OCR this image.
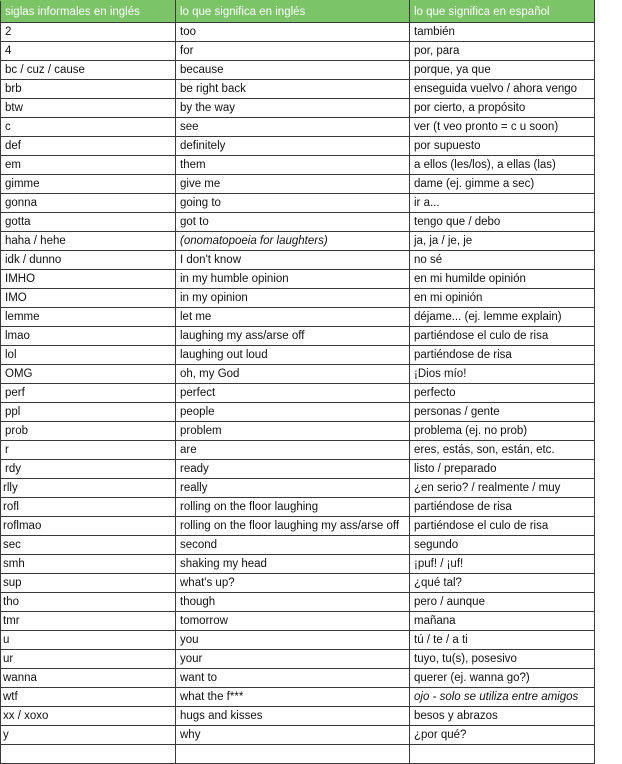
siglas informales en inglés	lo que significa en inglés	lo que significa en español
2	too	también
4	for	por, para
bc / cuz / cause	because	porque, ya que
brb	be right back	enseguida vuelvo / ahora vengo
btw	by the way	por cierto, a propósito
c	see	ver (t veo pronto = c u soon)
def	definitely	por supuesto
em	them	a ellos (les/los), a ellas (las)
gimme	give me	dame (ej. gimme a sec)
gonna	going to	ir a...
gotta	got to	tengo que / debo
haha / hehe	(onomatopoeia for laughters)	ja, ja / je, je
idk / dunno	I don't know	no sé
IMHO	in my humble opinion	en mi humilde opinión
IMO	in my opinion	en mi opinión
lemme	let me	déjame... (ej. lemme explain)
lmao	laughing my ass/arse off	partiéndose el culo de risa
lol	laughing out loud	partiéndose de risa
OMG	oh, my God	¡Dios mío!
perf	perfect	perfecto
ppl	people	personas / gente
prob	problem	problema (ej. no prob)
r	are	eres, estás, son, están, etc.
rdy	ready	listo / preparado
rlly	really	¿en serio? / realmente / muy
rofl	rolling on the floor laughing	partiéndose de risa
roflmao	rolling on the floor laughing my ass/arse off	partiéndose el culo de risa
sec	second	segundo
smh	shaking my head	¡puf! / ¡uf!
sup	what's up?	¿qué tal?
tho	though	pero / aunque
tmr	tomorrow	mañana
u	you	tú / te / a ti
ur	your	tuyo, tu(s), posesivo
wanna	want to	querer (ej. wanna go?)
wtf	what the f***	ojo - solo se utiliza entre amigos
xx / xoxo	hugs and kisses	besos y abrazos
y	why	¿por qué?
